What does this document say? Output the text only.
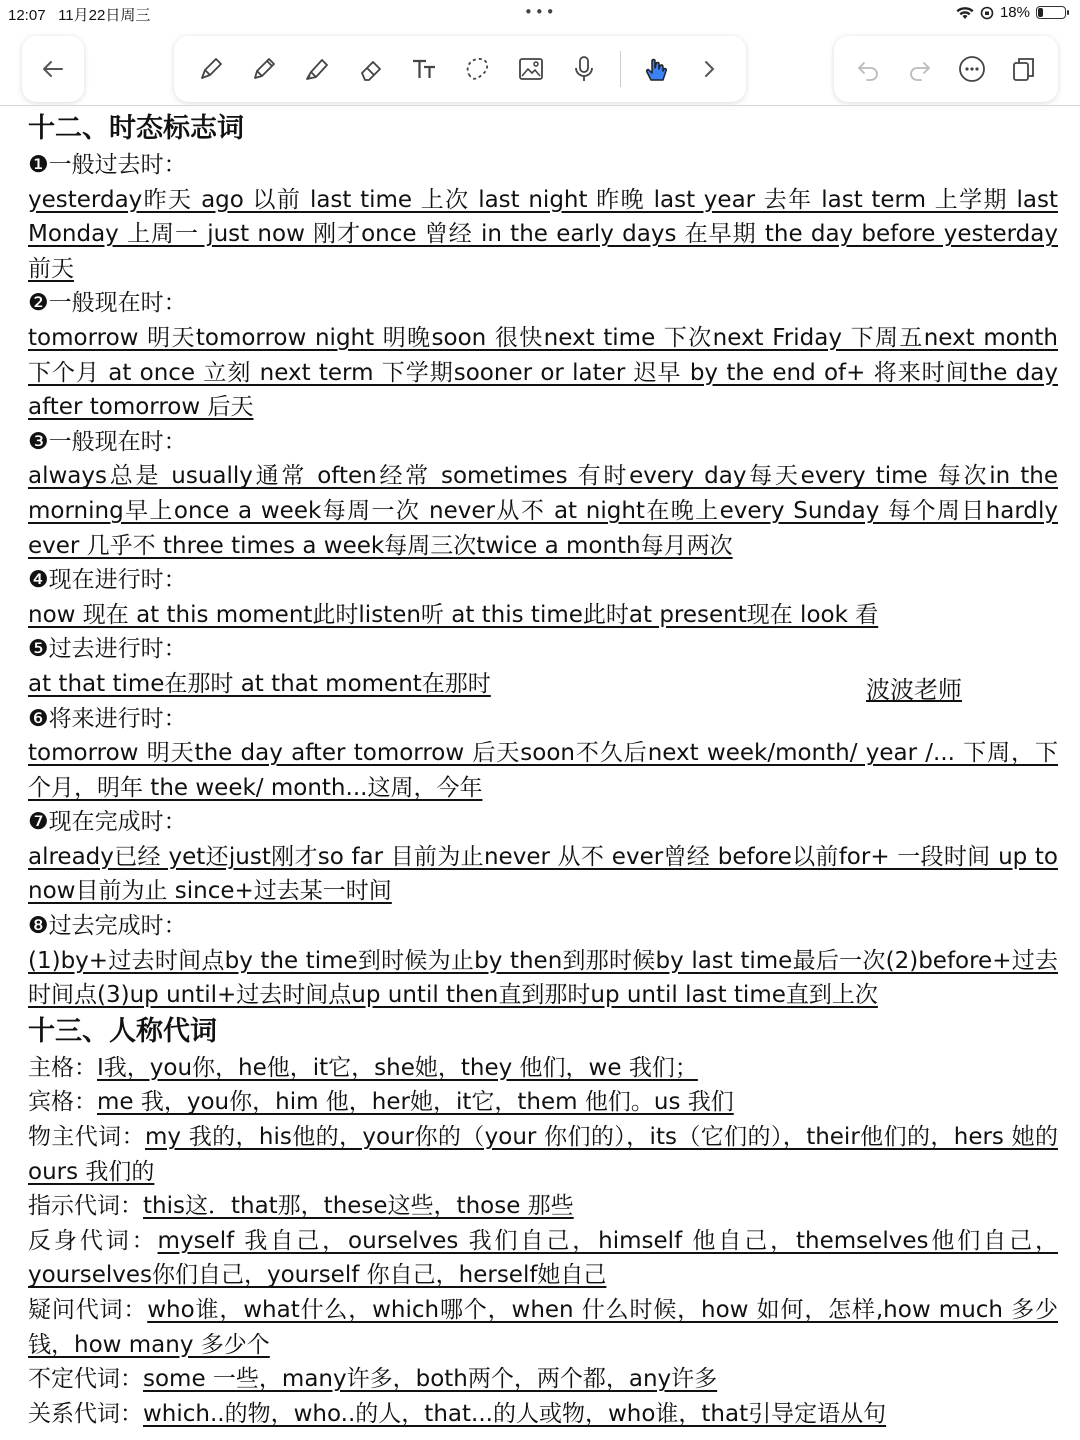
12:07 11月22日周三	•••	18%

十二、时态标志词

❶一般过去时：

yesterday昨天 ago 以前 last time 上次 last night 昨晚 last year 去年 last term 上学期 last Monday 上周一 just now 刚才once 曾经 in the early days 在早期 the day before yesterday 前天

❷一般现在时：

tomorrow 明天tomorrow night 明晚soon 很快next time 下次next Friday 下周五next month 下个月 at once 立刻 next term 下学期sooner or later 迟早 by the end of+ 将来时间the day after tomorrow 后天

❸一般现在时：

always总是 usually通常 often经常 sometimes 有时every day每天every time 每次in the morning早上once a week每周一次 never从不 at night在晚上every Sunday 每个周日hardly ever 几乎不 three times a week每周三次twice a month每月两次

❹现在进行时：

now 现在 at this moment此时listen听 at this time此时at present现在 look 看

❺过去进行时：

at that time在那时 at that moment在那时

❻将来进行时：

tomorrow 明天the day after tomorrow 后天soon不久后next week/month/ year /... 下周，下个月，明年 the week/ month...这周，今年

❼现在完成时：

already已经 yet还just刚才so far 目前为止never 从不 ever曾经 before以前for+ 一段时间 up to now目前为止 since+过去某一时间

❽过去完成时：

(1)by+过去时间点by the time到时候为止by then到那时候by last time最后一次(2)before+过去时间点(3)up until+过去时间点up until then直到那时up until last time直到上次

十三、人称代词

主格：I我，you你，he他，it它，she她，they 他们，we 我们；

宾格：me 我，you你，him 他，her她，it它，them 他们。us 我们

物主代词：my 我的，his他的，your你的（your 你们的），its（它们的），their他们的，hers 她的 ours 我们的

指示代词：this这．that那，these这些，those 那些

反身代词：myself 我自己，ourselves 我们自己，himself 他自己，themselves他们自己，yourselves你们自己，yourself 你自己，herself她自己

疑问代词：who谁，what什么，which哪个，when 什么时候，how 如何，怎样,how much 多少钱，how many 多少个

不定代词：some 一些，many许多，both两个，两个都，any许多

关系代词：which..的物，who..的人，that...的人或物，who谁，that引导定语从句

波波老师
